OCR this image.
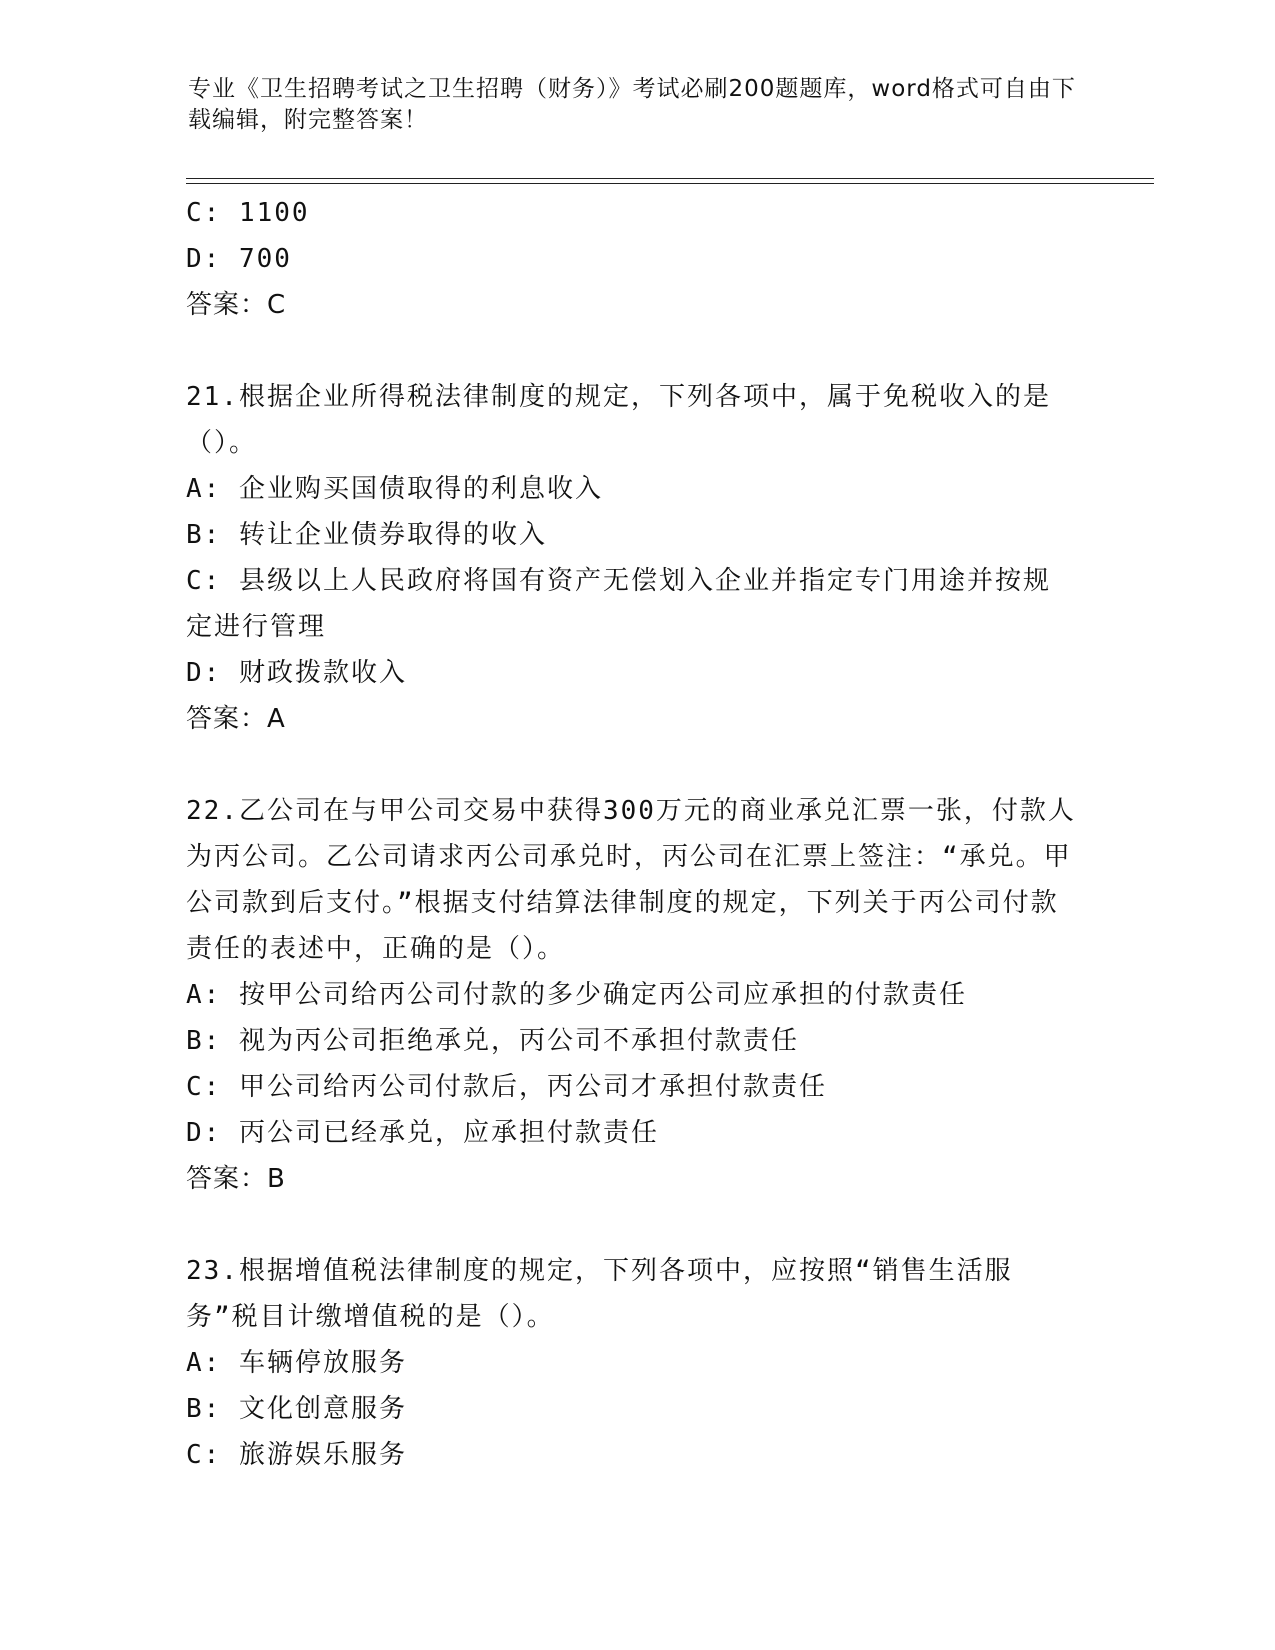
专业《卫生招聘考试之卫生招聘（财务）》考试必刷200题题库，word格式可自由下载编辑，附完整答案！
C: 1100
D: 700
答案：C
21.根据企业所得税法律制度的规定，下列各项中，属于免税收入的是（）。
A: 企业购买国债取得的利息收入
B: 转让企业债券取得的收入
C: 县级以上人民政府将国有资产无偿划入企业并指定专门用途并按规定进行管理
D: 财政拨款收入
答案：A
22.乙公司在与甲公司交易中获得300万元的商业承兑汇票一张，付款人为丙公司。乙公司请求丙公司承兑时，丙公司在汇票上签注：“承兑。甲公司款到后支付。”根据支付结算法律制度的规定，下列关于丙公司付款责任的表述中，正确的是（）。
A: 按甲公司给丙公司付款的多少确定丙公司应承担的付款责任
B: 视为丙公司拒绝承兑，丙公司不承担付款责任
C: 甲公司给丙公司付款后，丙公司才承担付款责任
D: 丙公司已经承兑，应承担付款责任
答案：B
23.根据增值税法律制度的规定，下列各项中，应按照“销售生活服务”税目计缴增值税的是（）。
A: 车辆停放服务
B: 文化创意服务
C: 旅游娱乐服务
